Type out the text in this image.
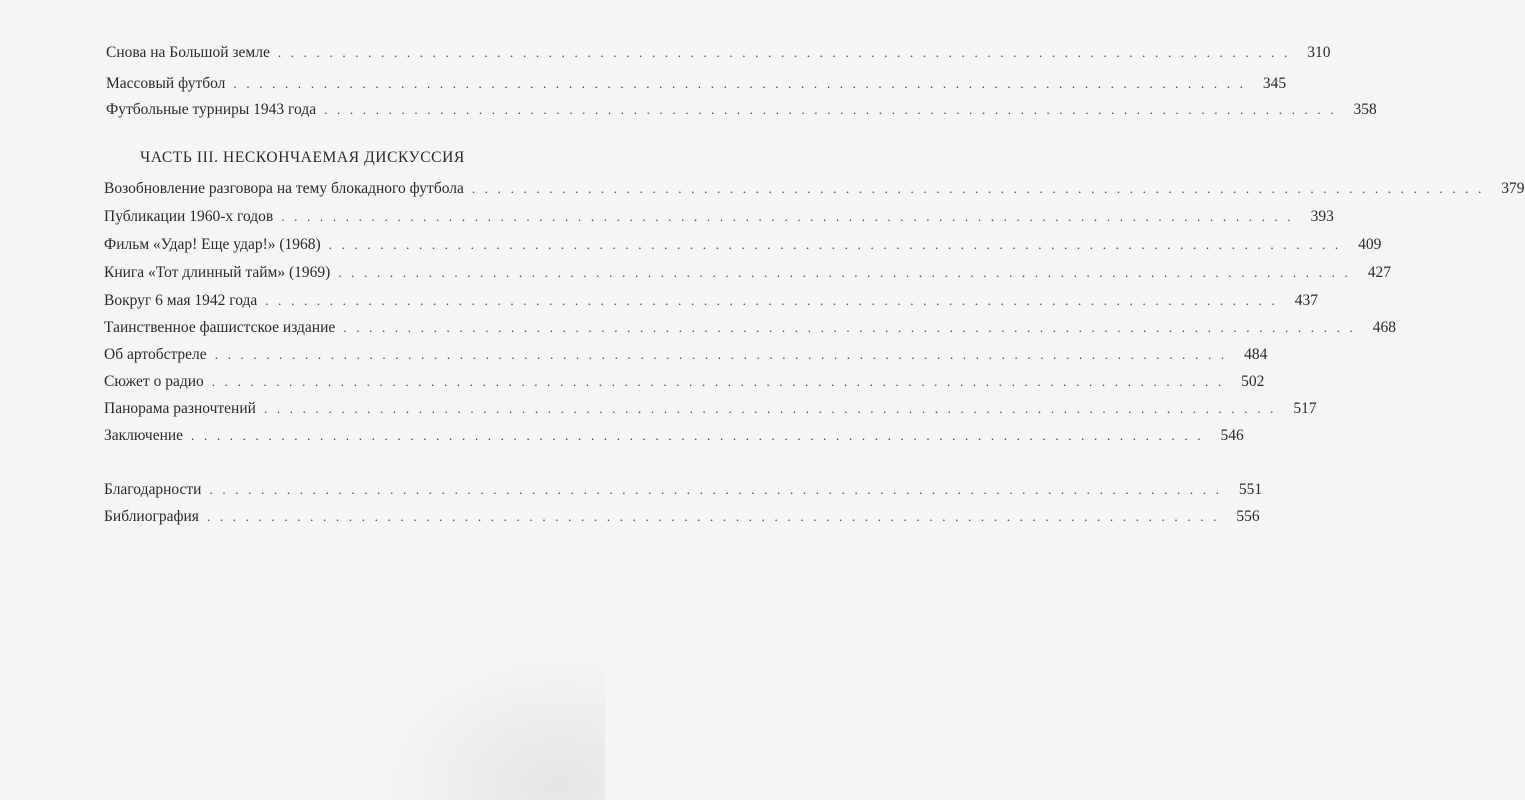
Снова на Большой земле . . . . . . . . . . . . . . . . . . . . . . . . . . . . . . . . . . . . . . . . . . . . . . . . . . . . . . . . . . . . . . . . . . . . . . . . . . . . . . .	310
Массовый футбол . . . . . . . . . . . . . . . . . . . . . . . . . . . . . . . . . . . . . . . . . . . . . . . . . . . . . . . . . . . . . . . . . . . . . . . . . . . . . . .	345
Футбольные турниры 1943 года . . . . . . . . . . . . . . . . . . . . . . . . . . . . . . . . . . . . . . . . . . . . . . . . . . . . . . . . . . . . . . . . . . . . . . . . . . . . . . .	358
ЧАСТЬ III. НЕСКОНЧАЕМАЯ ДИСКУССИЯ
Возобновление разговора на тему блокадного футбола . . . . . . . . . . . . . . . . . . . . . . . . . . . . . . . . . . . . . . . . . . . . . . . . . . . . . . . . . . . . . . . . . . . . . . . . . . . . . . .	379
Публикации 1960-х годов . . . . . . . . . . . . . . . . . . . . . . . . . . . . . . . . . . . . . . . . . . . . . . . . . . . . . . . . . . . . . . . . . . . . . . . . . . . . . . .	393
Фильм «Удар! Еще удар!» (1968) . . . . . . . . . . . . . . . . . . . . . . . . . . . . . . . . . . . . . . . . . . . . . . . . . . . . . . . . . . . . . . . . . . . . . . . . . . . . . . .	409
Книга «Тот длинный тайм» (1969) . . . . . . . . . . . . . . . . . . . . . . . . . . . . . . . . . . . . . . . . . . . . . . . . . . . . . . . . . . . . . . . . . . . . . . . . . . . . . . .	427
Вокруг 6 мая 1942 года . . . . . . . . . . . . . . . . . . . . . . . . . . . . . . . . . . . . . . . . . . . . . . . . . . . . . . . . . . . . . . . . . . . . . . . . . . . . . . .	437
Таинственное фашистское издание . . . . . . . . . . . . . . . . . . . . . . . . . . . . . . . . . . . . . . . . . . . . . . . . . . . . . . . . . . . . . . . . . . . . . . . . . . . . . . .	468
Об артобстреле . . . . . . . . . . . . . . . . . . . . . . . . . . . . . . . . . . . . . . . . . . . . . . . . . . . . . . . . . . . . . . . . . . . . . . . . . . . . . . .	484
Сюжет о радио . . . . . . . . . . . . . . . . . . . . . . . . . . . . . . . . . . . . . . . . . . . . . . . . . . . . . . . . . . . . . . . . . . . . . . . . . . . . . . .	502
Панорама разночтений . . . . . . . . . . . . . . . . . . . . . . . . . . . . . . . . . . . . . . . . . . . . . . . . . . . . . . . . . . . . . . . . . . . . . . . . . . . . . . .	517
Заключение . . . . . . . . . . . . . . . . . . . . . . . . . . . . . . . . . . . . . . . . . . . . . . . . . . . . . . . . . . . . . . . . . . . . . . . . . . . . . . .	546
Благодарности . . . . . . . . . . . . . . . . . . . . . . . . . . . . . . . . . . . . . . . . . . . . . . . . . . . . . . . . . . . . . . . . . . . . . . . . . . . . . . .	551
Библиография . . . . . . . . . . . . . . . . . . . . . . . . . . . . . . . . . . . . . . . . . . . . . . . . . . . . . . . . . . . . . . . . . . . . . . . . . . . . . . .	556
